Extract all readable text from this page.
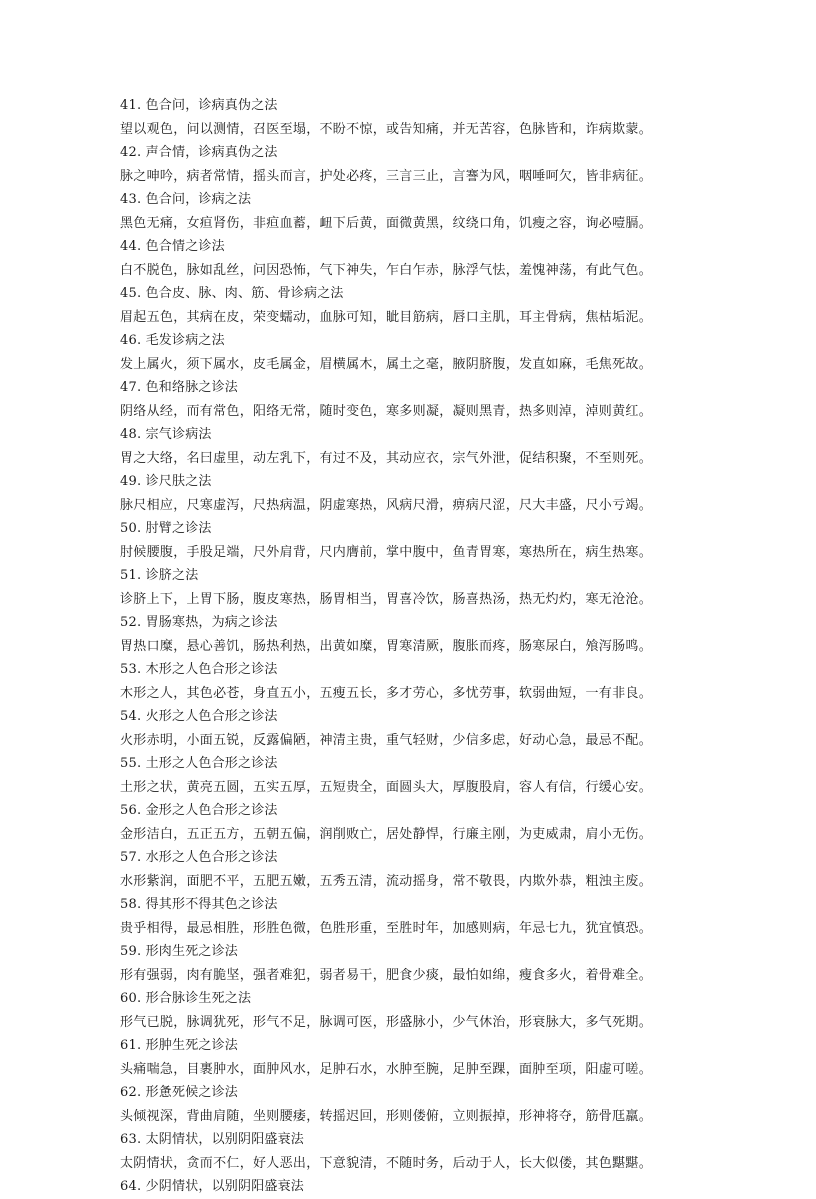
41. 色合问，诊病真伪之法
望以观色，问以测情，召医至塌，不盼不惊，或告知痛，并无苦容，色脉皆和，诈病欺蒙。
42. 声合情，诊病真伪之法
脉之呻吟，病者常情，摇头而言，护处必疼，三言三止，言謇为风，咽唾呵欠，皆非病征。
43. 色合问，诊病之法
黑色无痛，女疸肾伤，非疸血蓄，衄下后黄，面微黄黑，纹绕口角，饥瘦之容，询必噎膈。
44. 色合情之诊法
白不脱色，脉如乱丝，问因恐怖，气下神失，乍白乍赤，脉浮气怯，羞愧神荡，有此气色。
45. 色合皮、脉、肉、筋、骨诊病之法
眉起五色，其病在皮，荣变蠕动，血脉可知，眦目筋病，唇口主肌，耳主骨病，焦枯垢泥。
46. 毛发诊病之法
发上属火，须下属水，皮毛属金，眉横属木，属土之毫，腋阴脐腹，发直如麻，毛焦死故。
47. 色和络脉之诊法
阴络从经，而有常色，阳络无常，随时变色，寒多则凝，凝则黑青，热多则淖，淖则黄红。
48. 宗气诊病法
胃之大络，名曰虚里，动左乳下，有过不及，其动应衣，宗气外泄，促结积聚，不至则死。
49. 诊尺肤之法
脉尺相应，尺寒虚泻，尺热病温，阴虚寒热，风病尺滑，痹病尺涩，尺大丰盛，尺小亏竭。
50. 肘臂之诊法
肘候腰腹，手股足端，尺外肩背，尺内膺前，掌中腹中，鱼青胃寒，寒热所在，病生热寒。
51. 诊脐之法
诊脐上下，上胃下肠，腹皮寒热，肠胃相当，胃喜冷饮，肠喜热汤，热无灼灼，寒无沧沧。
52. 胃肠寒热，为病之诊法
胃热口糜，悬心善饥，肠热利热，出黄如糜，胃寒清厥，腹胀而疼，肠寒尿白，飧泻肠鸣。
53. 木形之人色合形之诊法
木形之人，其色必苍，身直五小，五瘦五长，多才劳心，多忧劳事，软弱曲短，一有非良。
54. 火形之人色合形之诊法
火形赤明，小面五锐，反露偏陋，神清主贵，重气轻财，少信多虑，好动心急，最忌不配。
55. 土形之人色合形之诊法
土形之状，黄亮五圆，五实五厚，五短贵全，面圆头大，厚腹股肩，容人有信，行缓心安。
56. 金形之人色合形之诊法
金形洁白，五正五方，五朝五偏，润削败亡，居处静悍，行廉主刚，为吏威肃，肩小无伤。
57. 水形之人色合形之诊法
水形紫润，面肥不平，五肥五嫩，五秀五清，流动摇身，常不敬畏，内欺外恭，粗浊主废。
58. 得其形不得其色之诊法
贵乎相得，最忌相胜，形胜色微，色胜形重，至胜时年，加感则病，年忌七九，犹宜慎恐。
59. 形肉生死之诊法
形有强弱，肉有脆坚，强者难犯，弱者易干，肥食少痰，最怕如绵，瘦食多火，着骨难全。
60. 形合脉诊生死之法
形气已脱，脉调犹死，形气不足，脉调可医，形盛脉小，少气休治，形衰脉大，多气死期。
61. 形肿生死之诊法
头痛喘急，目裹肿水，面肿风水，足肿石水，水肿至腕，足肿至踝，面肿至项，阳虚可嗟。
62. 形惫死候之诊法
头倾视深，背曲肩随，坐则腰痿，转摇迟回，形则偻俯，立则振掉，形神将夺，筋骨尫羸。
63. 太阴情状，以别阴阳盛衰法
太阴情状，贪而不仁，好人恶出，下意貌清，不随时务，后动于人，长大似偻，其色黮黮。
64. 少阴情状，以别阴阳盛衰法
